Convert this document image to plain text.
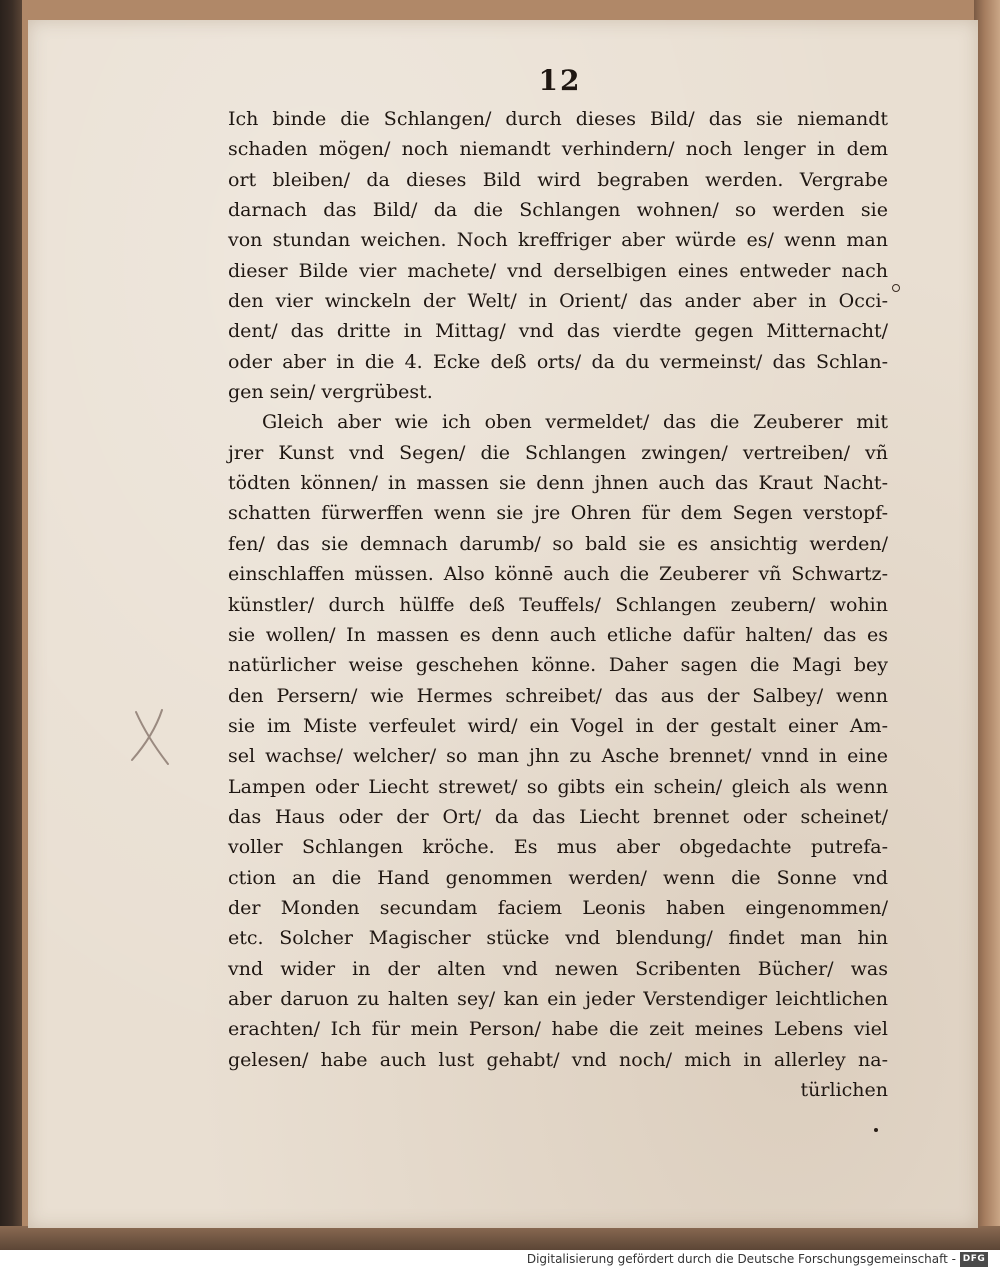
12
Ich binde die Schlangen/ durch dieses Bild/ das sie niemandt
schaden mögen/ noch niemandt verhindern/ noch lenger in dem
ort bleiben/ da dieses Bild wird begraben werden. Vergrabe
darnach das Bild/ da die Schlangen wohnen/ so werden sie
von stundan weichen. Noch kreffriger aber würde es/ wenn man
dieser Bilde vier machete/ vnd derselbigen eines entweder nach
den vier winckeln der Welt/ in Orient/ das ander aber in Occi-
dent/ das dritte in Mittag/ vnd das vierdte gegen Mitternacht/
oder aber in die 4. Ecke deß orts/ da du vermeinst/ das Schlan-
gen sein/ vergrübest.
Gleich aber wie ich oben vermeldet/ das die Zeuberer mit
jrer Kunst vnd Segen/ die Schlangen zwingen/ vertreiben/ vñ
tödten können/ in massen sie denn jhnen auch das Kraut Nacht-
schatten fürwerffen wenn sie jre Ohren für dem Segen verstopf-
fen/ das sie demnach darumb/ so bald sie es ansichtig werden/
einschlaffen müssen. Also könnē auch die Zeuberer vñ Schwartz-
künstler/ durch hülffe deß Teuffels/ Schlangen zeubern/ wohin
sie wollen/ In massen es denn auch etliche dafür halten/ das es
natürlicher weise geschehen könne. Daher sagen die Magi bey
den Persern/ wie Hermes schreibet/ das aus der Salbey/ wenn
sie im Miste verfeulet wird/ ein Vogel in der gestalt einer Am-
sel wachse/ welcher/ so man jhn zu Asche brennet/ vnnd in eine
Lampen oder Liecht strewet/ so gibts ein schein/ gleich als wenn
das Haus oder der Ort/ da das Liecht brennet oder scheinet/
voller Schlangen kröche. Es mus aber obgedachte putrefa-
ction an die Hand genommen werden/ wenn die Sonne vnd
der Monden secundam faciem Leonis haben eingenommen/
etc. Solcher Magischer stücke vnd blendung/ findet man hin
vnd wider in der alten vnd newen Scribenten Bücher/ was
aber daruon zu halten sey/ kan ein jeder Verstendiger leichtlichen
erachten/ Ich für mein Person/ habe die zeit meines Lebens viel
gelesen/ habe auch lust gehabt/ vnd noch/ mich in allerley na-
türlichen
Digitalisierung gefördert durch die Deutsche Forschungsgemeinschaft - DFG
